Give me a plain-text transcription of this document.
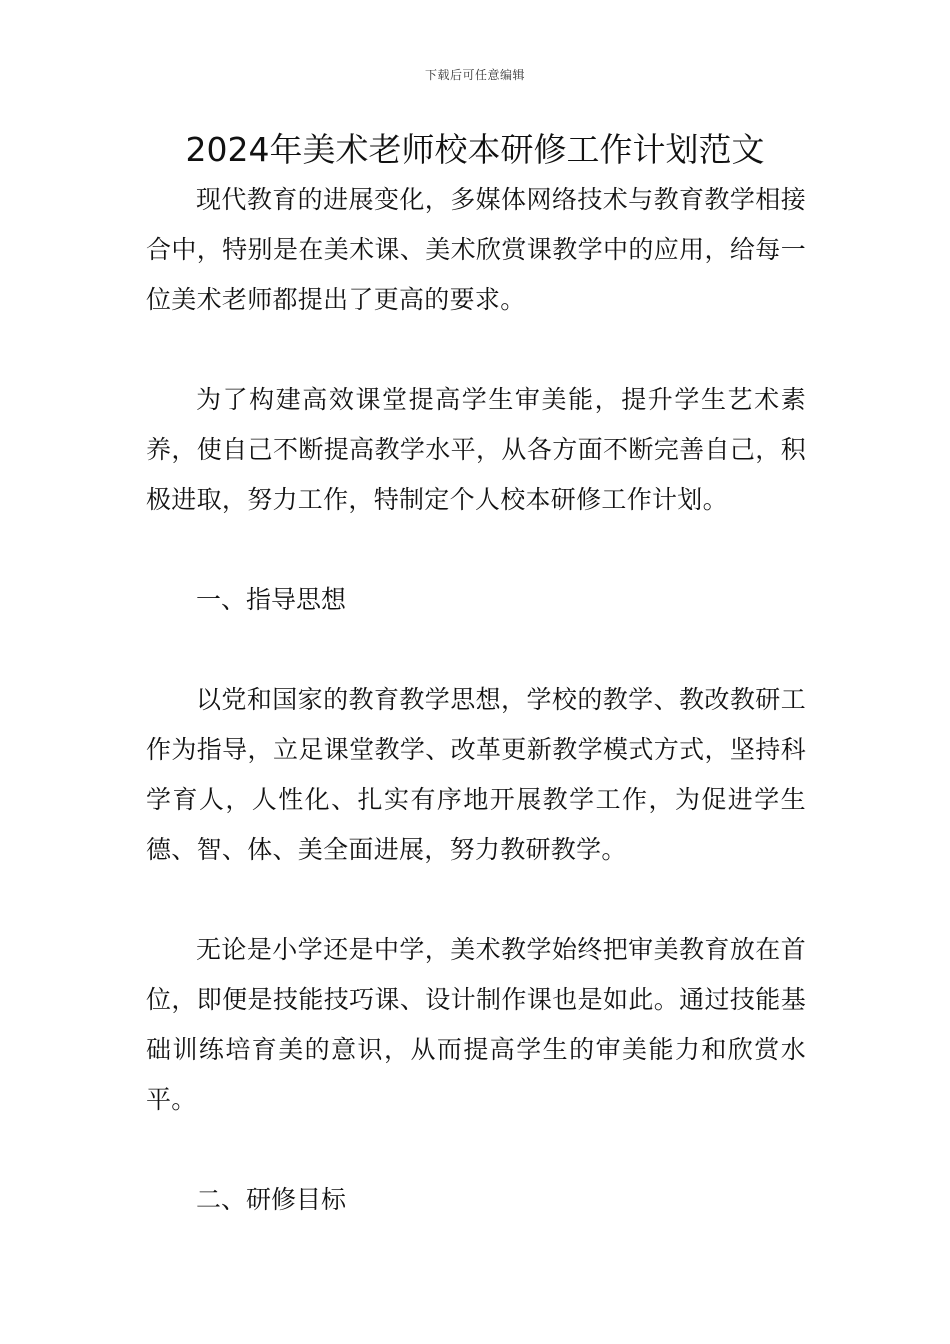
下载后可任意编辑
2024年美术老师校本研修工作计划范文

现代教育的进展变化，多媒体网络技术与教育教学相接合中，特别是在美术课、美术欣赏课教学中的应用，给每一位美术老师都提出了更高的要求。

为了构建高效课堂提高学生审美能，提升学生艺术素养，使自己不断提高教学水平，从各方面不断完善自己，积极进取，努力工作，特制定个人校本研修工作计划。

一、指导思想

以党和国家的教育教学思想，学校的教学、教改教研工作为指导，立足课堂教学、改革更新教学模式方式，坚持科学育人，人性化、扎实有序地开展教学工作，为促进学生德、智、体、美全面进展，努力教研教学。

无论是小学还是中学，美术教学始终把审美教育放在首位，即便是技能技巧课、设计制作课也是如此。通过技能基础训练培育美的意识，从而提高学生的审美能力和欣赏水平。

二、研修目标
